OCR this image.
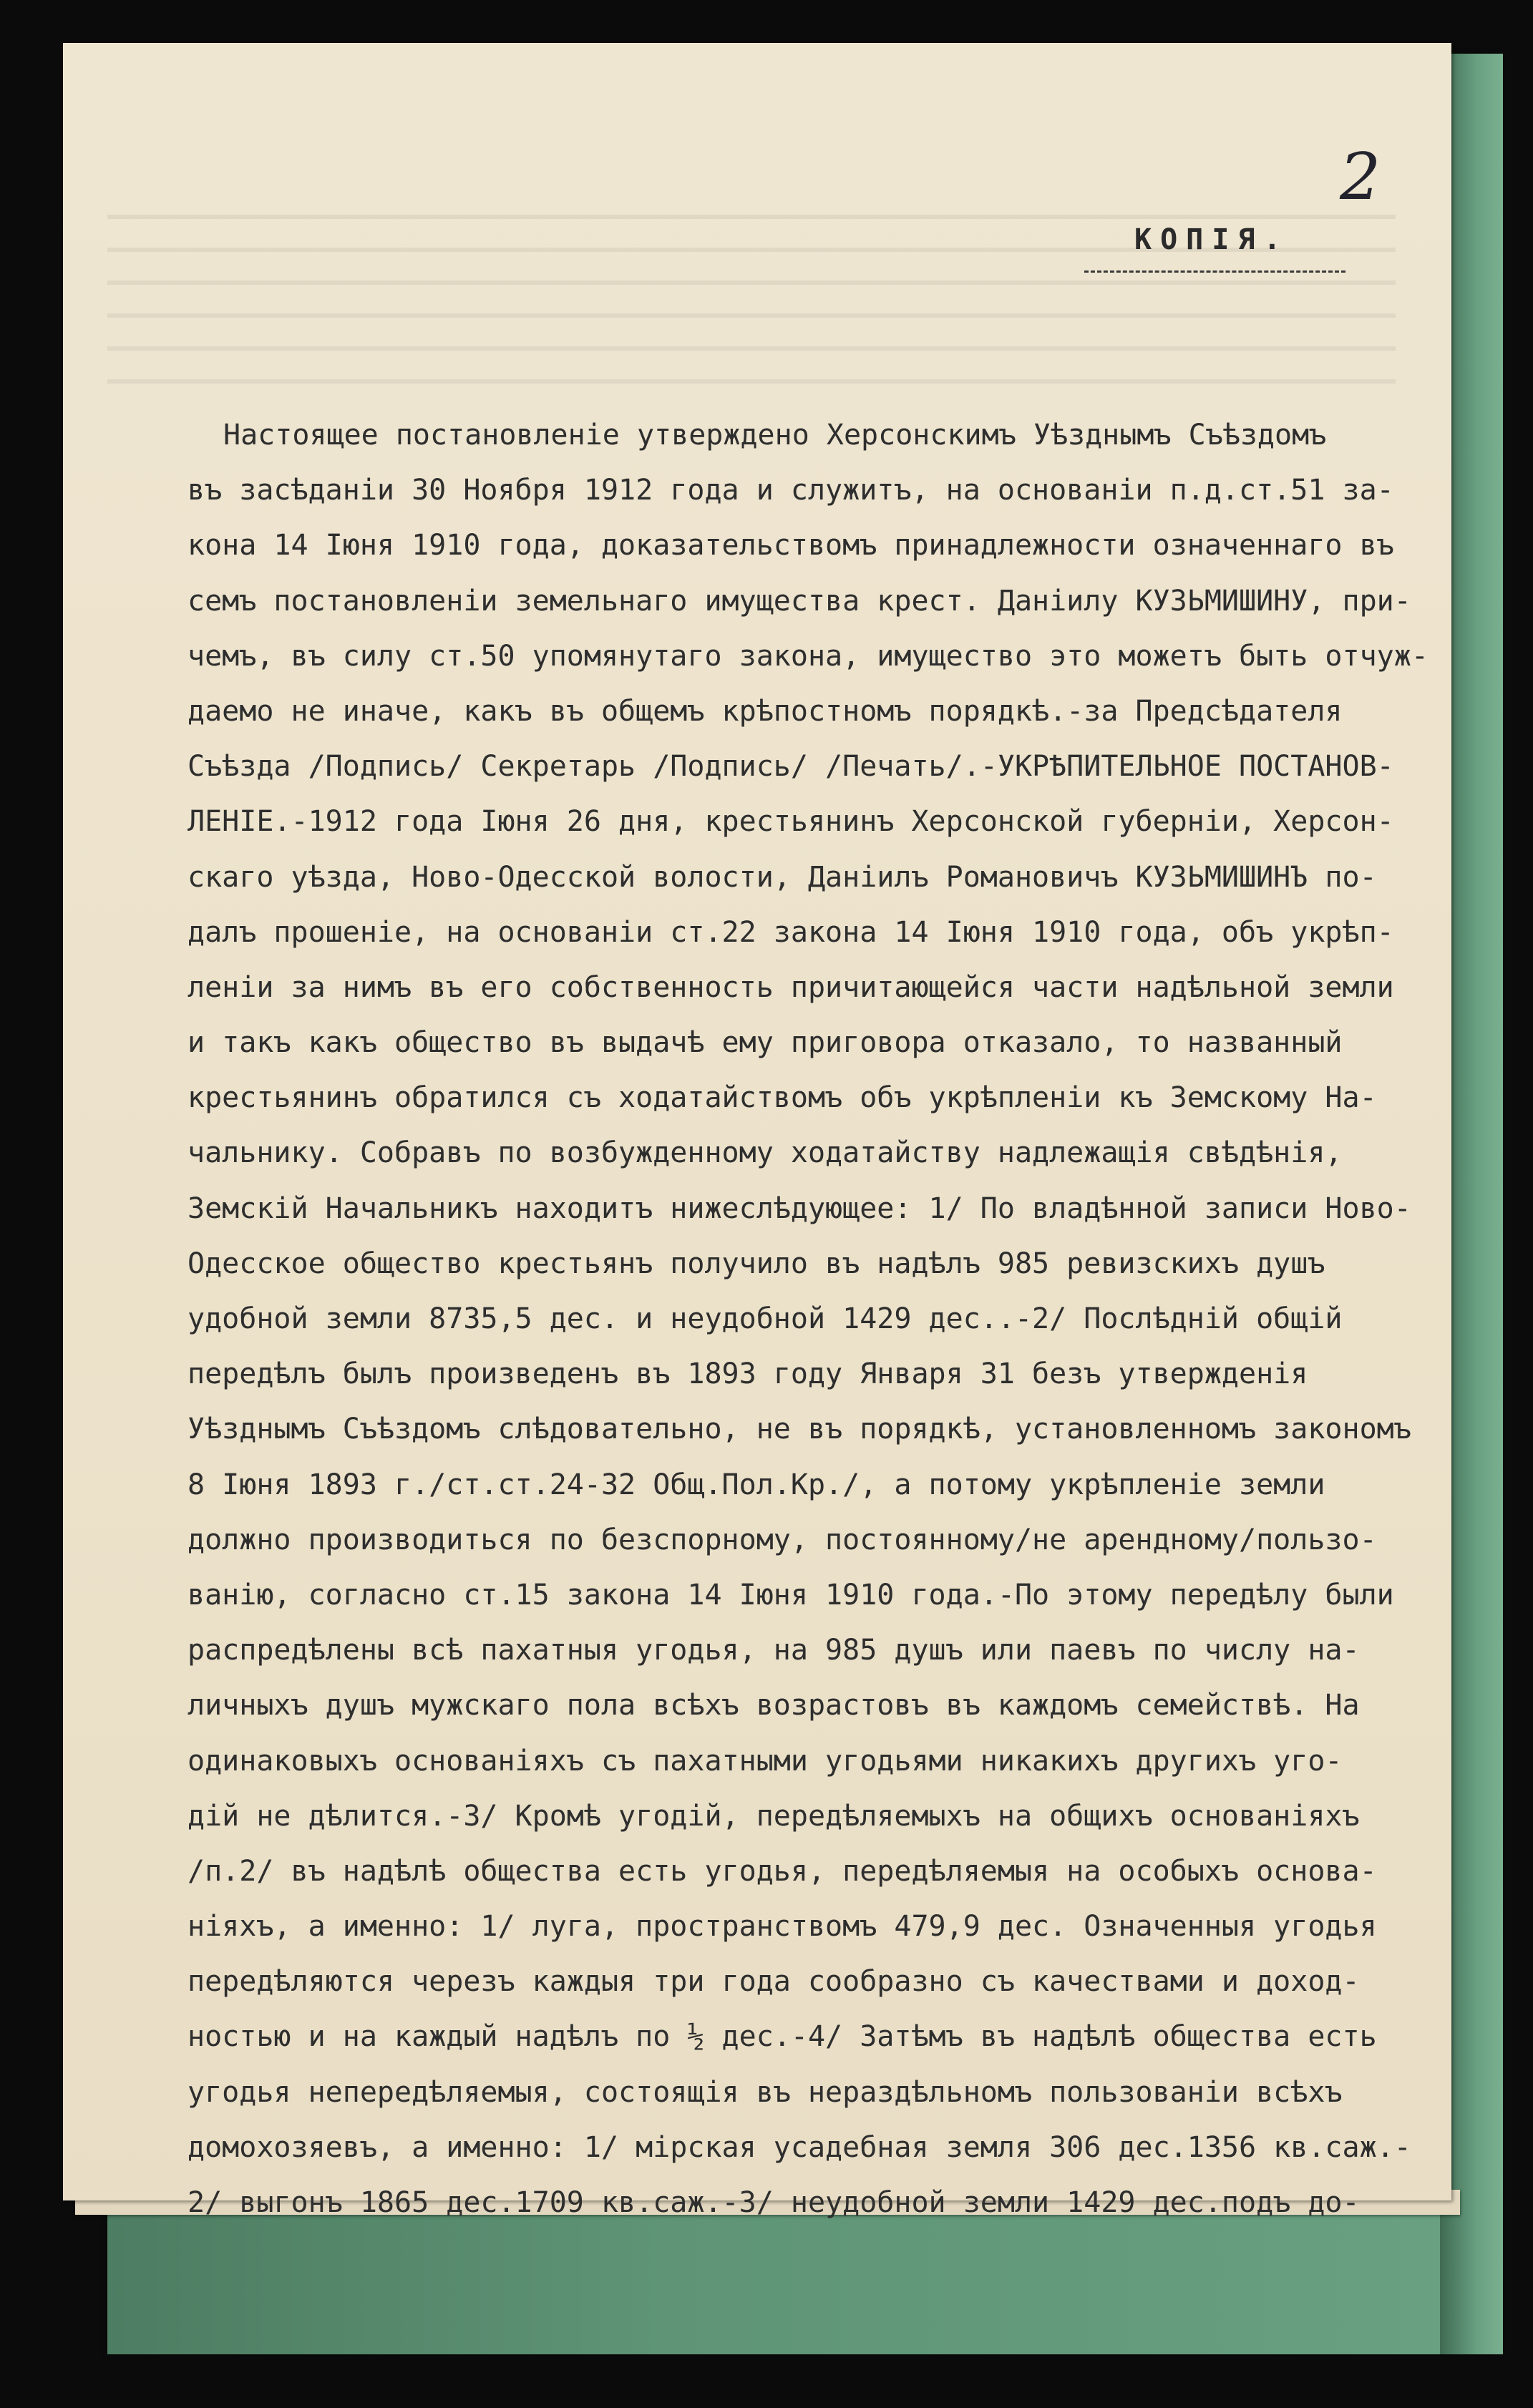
2
КОПІЯ.
Настоящее постановленіе утверждено Херсонскимъ Уѣзднымъ Съѣздомъ
въ засѣданіи 30 Ноября 1912 года и служитъ, на основаніи п.д.ст.51 за-
кона 14 Іюня 1910 года, доказательствомъ принадлежности означеннаго въ
семъ постановленіи земельнаго имущества крест. Даніилу КУЗЬМИШИНУ, при-
чемъ, въ силу ст.50 упомянутаго закона, имущество это можетъ быть отчуж-
даемо не иначе, какъ въ общемъ крѣпостномъ порядкѣ.-за Предсѣдателя
Съѣзда /Подпись/ Секретарь /Подпись/ /Печать/.-УКРѢПИТЕЛЬНОЕ ПОСТАНОВ-
ЛЕНІЕ.-1912 года Іюня 26 дня, крестьянинъ Херсонской губерніи, Херсон-
скаго уѣзда, Ново-Одесской волости, Даніилъ Романовичъ КУЗЬМИШИНЪ по-
далъ прошеніе, на основаніи ст.22 закона 14 Іюня 1910 года, объ укрѣп-
леніи за нимъ въ его собственность причитающейся части надѣльной земли
и такъ какъ общество въ выдачѣ ему приговора отказало, то названный
крестьянинъ обратился съ ходатайствомъ объ укрѣпленіи къ Земскому На-
чальнику. Собравъ по возбужденному ходатайству надлежащія свѣдѣнія,
Земскій Начальникъ находитъ нижеслѣдующее: 1/ По владѣнной записи Ново-
Одесское общество крестьянъ получило въ надѣлъ 985 ревизскихъ душъ
удобной земли 8735,5 дес. и неудобной 1429 дес..-2/ Послѣдній общій
передѣлъ былъ произведенъ въ 1893 году Января 31 безъ утвержденія
Уѣзднымъ Съѣздомъ слѣдовательно, не въ порядкѣ, установленномъ закономъ
8 Іюня 1893 г./ст.ст.24-32 Общ.Пол.Кр./, а потому укрѣпленіе земли
должно производиться по безспорному, постоянному/не арендному/пользо-
ванію, согласно ст.15 закона 14 Іюня 1910 года.-По этому передѣлу были
распредѣлены всѣ пахатныя угодья, на 985 душъ или паевъ по числу на-
личныхъ душъ мужскаго пола всѣхъ возрастовъ въ каждомъ семействѣ. На
одинаковыхъ основаніяхъ съ пахатными угодьями никакихъ другихъ уго-
дій не дѣлится.-3/ Кромѣ угодій, передѣляемыхъ на общихъ основаніяхъ
/п.2/ въ надѣлѣ общества есть угодья, передѣляемыя на особыхъ основа-
ніяхъ, а именно: 1/ луга, пространствомъ 479,9 дес. Означенныя угодья
передѣляются черезъ каждыя три года сообразно съ качествами и доход-
ностью и на каждый надѣлъ по ½ дес.-4/ Затѣмъ въ надѣлѣ общества есть
угодья непередѣляемыя, состоящія въ нераздѣльномъ пользованіи всѣхъ
домохозяевъ, а именно: 1/ мірская усадебная земля 306 дес.1356 кв.саж.-
2/ выгонъ 1865 дес.1709 кв.саж.-3/ неудобной земли 1429 дес.подъ до-
